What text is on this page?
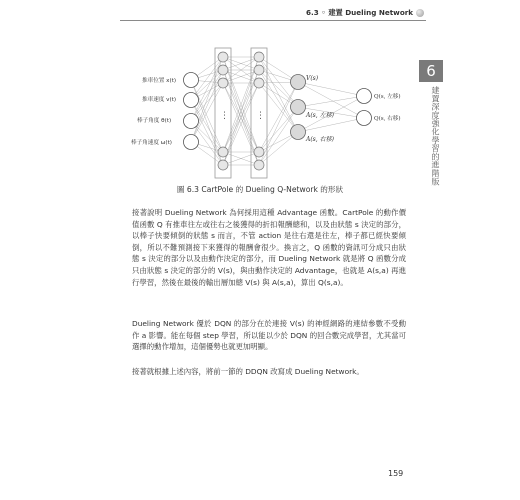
6.3 ◦ 建置 Dueling Network
6
建置深度強化學習的進階版
推車位置 x(t)
推車速度 v(t)
棒子角度 θ(t)
棒子角速度 ω(t)
⋮	⋮
V(s)
A(s, 左移)
A(s, 右移)
Q(s, 左移)
Q(s, 右移)
圖 6.3 CartPole 的 Dueling Q-Network 的形狀
接著說明 Dueling Network 為何採用這種 Advantage 函數。CartPole 的動作價值函數 Q 有推車往左或往右之後獲得的折扣報酬總和，以及由狀態 s 決定的部分，以棒子快要傾倒的狀態 s 而言，不管 action 是往右還是往左，棒子都已經快要傾倒，所以不難預測接下來獲得的報酬會很少。換言之，Q 函數的資訊可分成只由狀態 s 決定的部分以及由動作決定的部分，而 Dueling Network 就是將 Q 函數分成只由狀態 s 決定的部分的 V(s)，與由動作決定的 Advantage，也就是 A(s,a) 再進行學習，然後在最後的輸出層加總 V(s) 與 A(s,a)，算出 Q(s,a)。
Dueling Network 優於 DQN 的部分在於連接 V(s) 的神經網路的連結參數不受動作 a 影響。能在每個 step 學習，所以能以少於 DQN 的回合數完成學習，尤其當可選擇的動作增加，這個優勢也就更加明顯。
接著就根據上述內容，將前一節的 DDQN 改寫成 Dueling Network。
159
